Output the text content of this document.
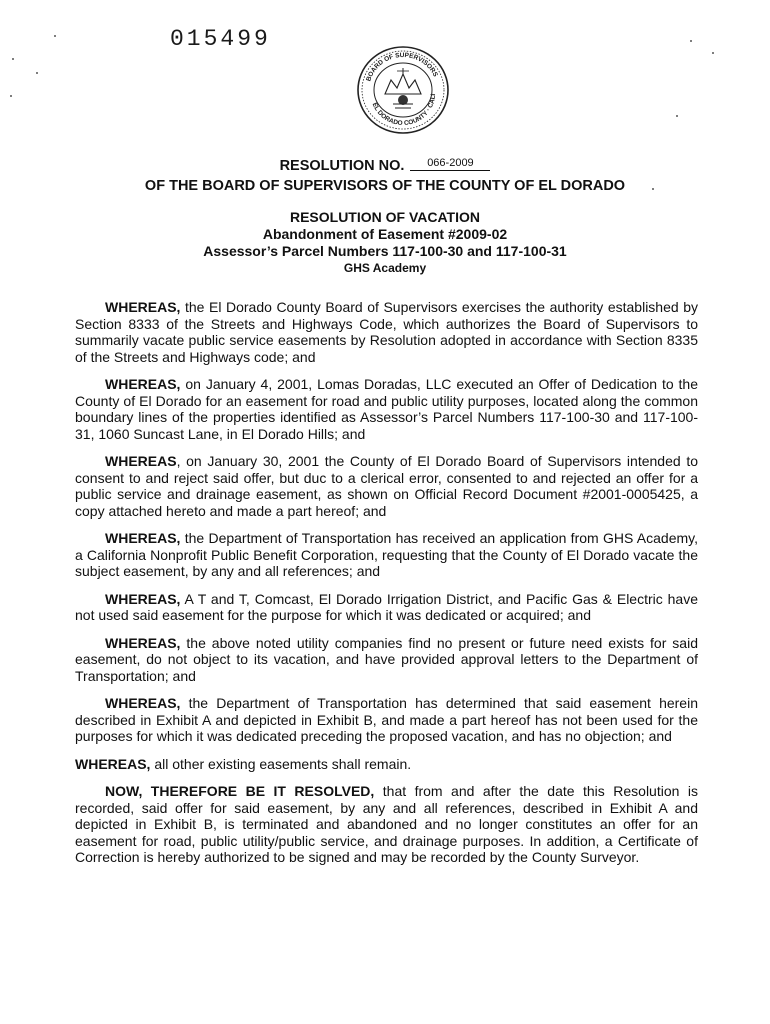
015499
BOARD OF SUPERVISORS
EL DORADO COUNTY · CALI
RESOLUTION NO. 066-2009
OF THE BOARD OF SUPERVISORS OF THE COUNTY OF EL DORADO
RESOLUTION OF VACATION
Abandonment of Easement #2009-02
Assessor’s Parcel Numbers 117-100-30 and 117-100-31
GHS Academy

WHEREAS, the El Dorado County Board of Supervisors exercises the authority established by Section 8333 of the Streets and Highways Code, which authorizes the Board of Supervisors to summarily vacate public service easements by Resolution adopted in accordance with Section 8335 of the Streets and Highways code; and

WHEREAS, on January 4, 2001, Lomas Doradas, LLC executed an Offer of Dedication to the County of El Dorado for an easement for road and public utility purposes, located along the common boundary lines of the properties identified as Assessor’s Parcel Numbers 117-100-30 and 117-100-31, 1060 Suncast Lane, in El Dorado Hills; and

WHEREAS, on January 30, 2001 the County of El Dorado Board of Supervisors intended to consent to and reject said offer, but duc to a clerical error, consented to and rejected an offer for a public service and drainage easement, as shown on Official Record Document #2001-0005425, a copy attached hereto and made a part hereof; and

WHEREAS, the Department of Transportation has received an application from GHS Academy, a California Nonprofit Public Benefit Corporation, requesting that the County of El Dorado vacate the subject easement, by any and all references; and

WHEREAS, A T and T, Comcast, El Dorado Irrigation District, and Pacific Gas & Electric have not used said easement for the purpose for which it was dedicated or acquired; and

WHEREAS, the above noted utility companies find no present or future need exists for said easement, do not object to its vacation, and have provided approval letters to the Department of Transportation; and

WHEREAS, the Department of Transportation has determined that said easement herein described in Exhibit A and depicted in Exhibit B, and made a part hereof has not been used for the purposes for which it was dedicated preceding the proposed vacation, and has no objection; and

WHEREAS, all other existing easements shall remain.

NOW, THEREFORE BE IT RESOLVED, that from and after the date this Resolution is recorded, said offer for said easement, by any and all references, described in Exhibit A and depicted in Exhibit B, is terminated and abandoned and no longer constitutes an offer for an easement for road, public utility/public service, and drainage purposes. In addition, a Certificate of Correction is hereby authorized to be signed and may be recorded by the County Surveyor.
